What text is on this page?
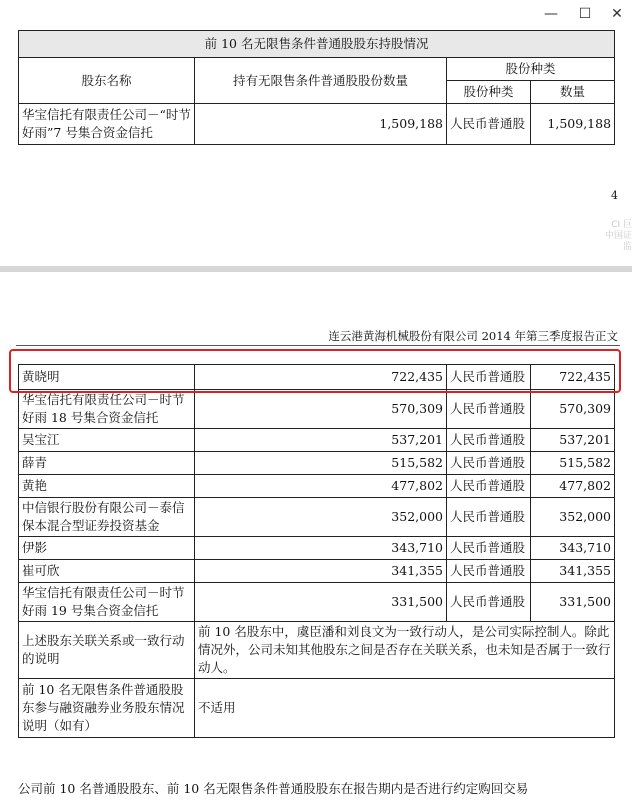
—	☐	✕
前 10 名无限售条件普通股股东持股情况			
股东名称	持有无限售条件普通股股份数量	股份种类	
		股份种类	数量
华宝信托有限责任公司－“时节好雨”7 号集合资金信托	1,509,188	人民币普通股	1,509,188
4
CI 巨 中国证监
连云港黄海机械股份有限公司 2014 年第三季度报告正文
黄晓明	722,435	人民币普通股	722,435
华宝信托有限责任公司－时节好雨 18 号集合资金信托	570,309	人民币普通股	570,309
吴宝江	537,201	人民币普通股	537,201
薛青	515,582	人民币普通股	515,582
黄艳	477,802	人民币普通股	477,802
中信银行股份有限公司－泰信保本混合型证券投资基金	352,000	人民币普通股	352,000
伊影	343,710	人民币普通股	343,710
崔可欣	341,355	人民币普通股	341,355
华宝信托有限责任公司－时节好雨 19 号集合资金信托	331,500	人民币普通股	331,500
上述股东关联关系或一致行动的说明	前 10 名股东中，虞臣潘和刘良文为一致行动人，是公司实际控制人。除此情况外，公司未知其他股东之间是否存在关联关系，也未知是否属于一致行动人。		
前 10 名无限售条件普通股股东参与融资融券业务股东情况说明（如有）	不适用		
公司前 10 名普通股股东、前 10 名无限售条件普通股股东在报告期内是否进行约定购回交易
